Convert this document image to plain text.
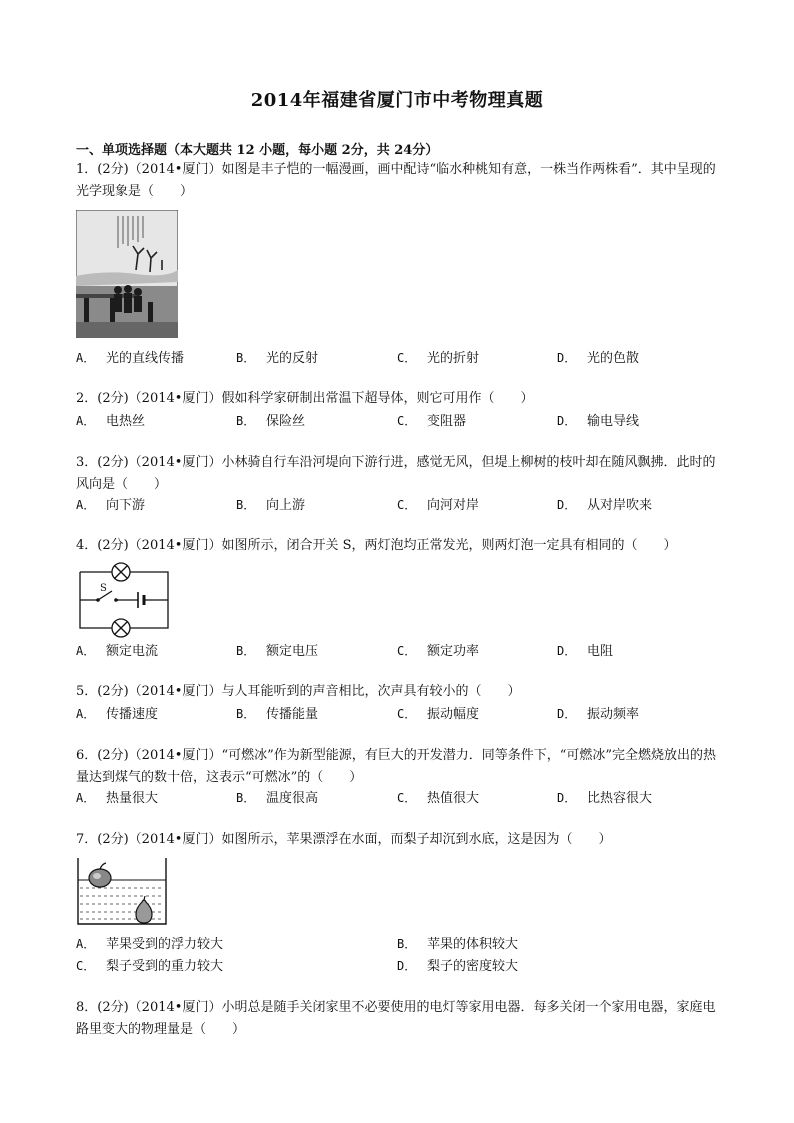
2014年福建省厦门市中考物理真题
一、单项选择题（本大题共 12 小题，每小题 2分，共 24分）
1．(2分)（2014•厦门）如图是丰子恺的一幅漫画，画中配诗“临水种桃知有意，一株当作两株看”．其中呈现的光学现象是（　　）
A． 光的直线传播	B． 光的反射	C． 光的折射	D． 光的色散
2．(2分)（2014•厦门）假如科学家研制出常温下超导体，则它可用作（　　）
A． 电热丝	B． 保险丝	C． 变阻器	D． 输电导线
3．(2分)（2014•厦门）小林骑自行车沿河堤向下游行进，感觉无风，但堤上柳树的枝叶却在随风飘拂．此时的风向是（　　）
A． 向下游	B． 向上游	C． 向河对岸	D． 从对岸吹来
4．(2分)（2014•厦门）如图所示，闭合开关 S，两灯泡均正常发光，则两灯泡一定具有相同的（　　）
S
A． 额定电流	B． 额定电压	C． 额定功率	D． 电阻
5．(2分)（2014•厦门）与人耳能听到的声音相比，次声具有较小的（　　）
A． 传播速度	B． 传播能量	C． 振动幅度	D． 振动频率
6．(2分)（2014•厦门）“可燃冰”作为新型能源，有巨大的开发潜力．同等条件下，“可燃冰”完全燃烧放出的热量达到煤气的数十倍，这表示“可燃冰”的（　　）
A． 热量很大	B． 温度很高	C． 热值很大	D． 比热容很大
7．(2分)（2014•厦门）如图所示，苹果漂浮在水面，而梨子却沉到水底，这是因为（　　）
A． 苹果受到的浮力较大	B． 苹果的体积较大
C． 梨子受到的重力较大	D． 梨子的密度较大
8．(2分)（2014•厦门）小明总是随手关闭家里不必要使用的电灯等家用电器．每多关闭一个家用电器，家庭电路里变大的物理量是（　　）
